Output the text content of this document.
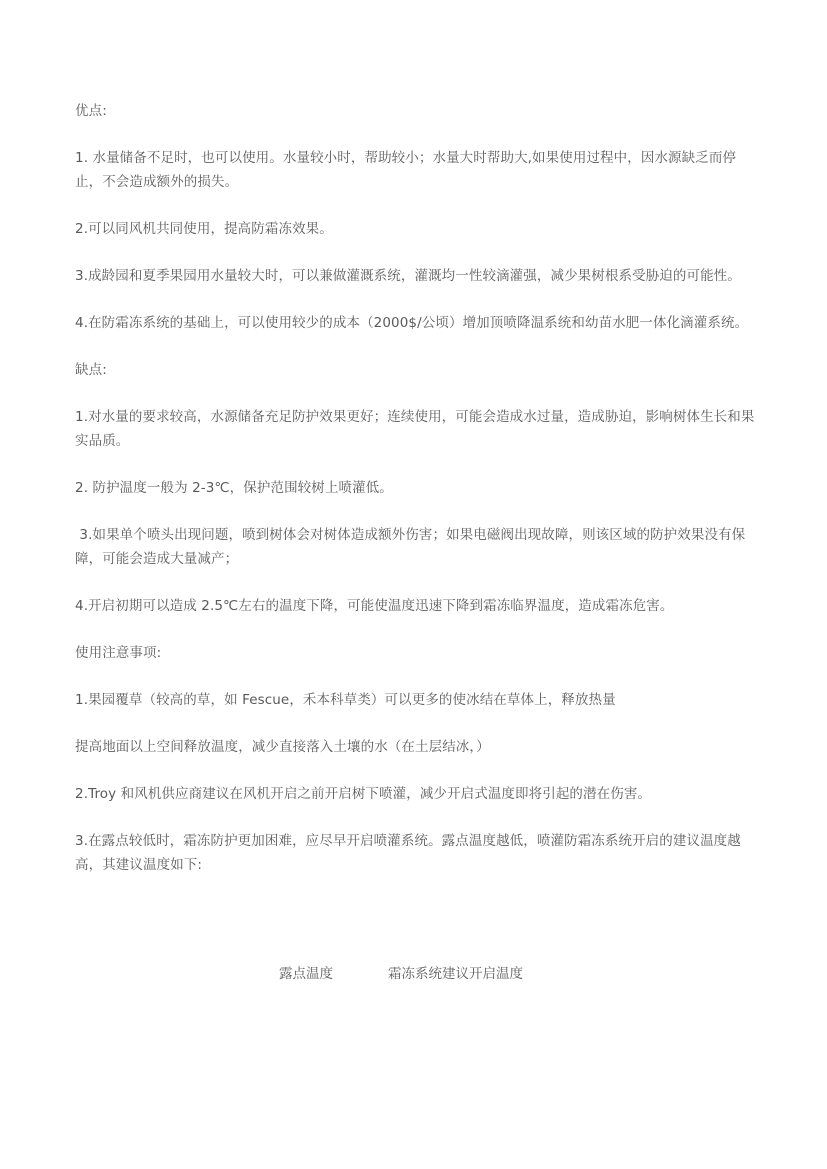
优点:

1. 水量储备不足时，也可以使用。水量较小时，帮助较小；水量大时帮助大,如果使用过程中，因水源缺乏而停止，不会造成额外的损失。

2.可以同风机共同使用，提高防霜冻效果。

3.成龄园和夏季果园用水量较大时，可以兼做灌溉系统，灌溉均一性较滴灌强，减少果树根系受胁迫的可能性。

4.在防霜冻系统的基础上，可以使用较少的成本（2000$/公顷）增加顶喷降温系统和幼苗水肥一体化滴灌系统。

缺点:

1.对水量的要求较高，水源储备充足防护效果更好；连续使用，可能会造成水过量，造成胁迫，影响树体生长和果实品质。

2. 防护温度一般为 2-3℃，保护范围较树上喷灌低。

3.如果单个喷头出现问题，喷到树体会对树体造成额外伤害；如果电磁阀出现故障，则该区域的防护效果没有保障，可能会造成大量减产；

4.开启初期可以造成 2.5℃左右的温度下降，可能使温度迅速下降到霜冻临界温度，造成霜冻危害。

使用注意事项:

1.果园覆草（较高的草，如 Fescue，禾本科草类）可以更多的使冰结在草体上，释放热量

提高地面以上空间释放温度，减少直接落入土壤的水（在土层结冰，）

2.Troy 和风机供应商建议在风机开启之前开启树下喷灌，减少开启式温度即将引起的潜在伤害。

3.在露点较低时，霜冻防护更加困难，应尽早开启喷灌系统。露点温度越低，喷灌防霜冻系统开启的建议温度越高，其建议温度如下:

露点温度	霜冻系统建议开启温度
